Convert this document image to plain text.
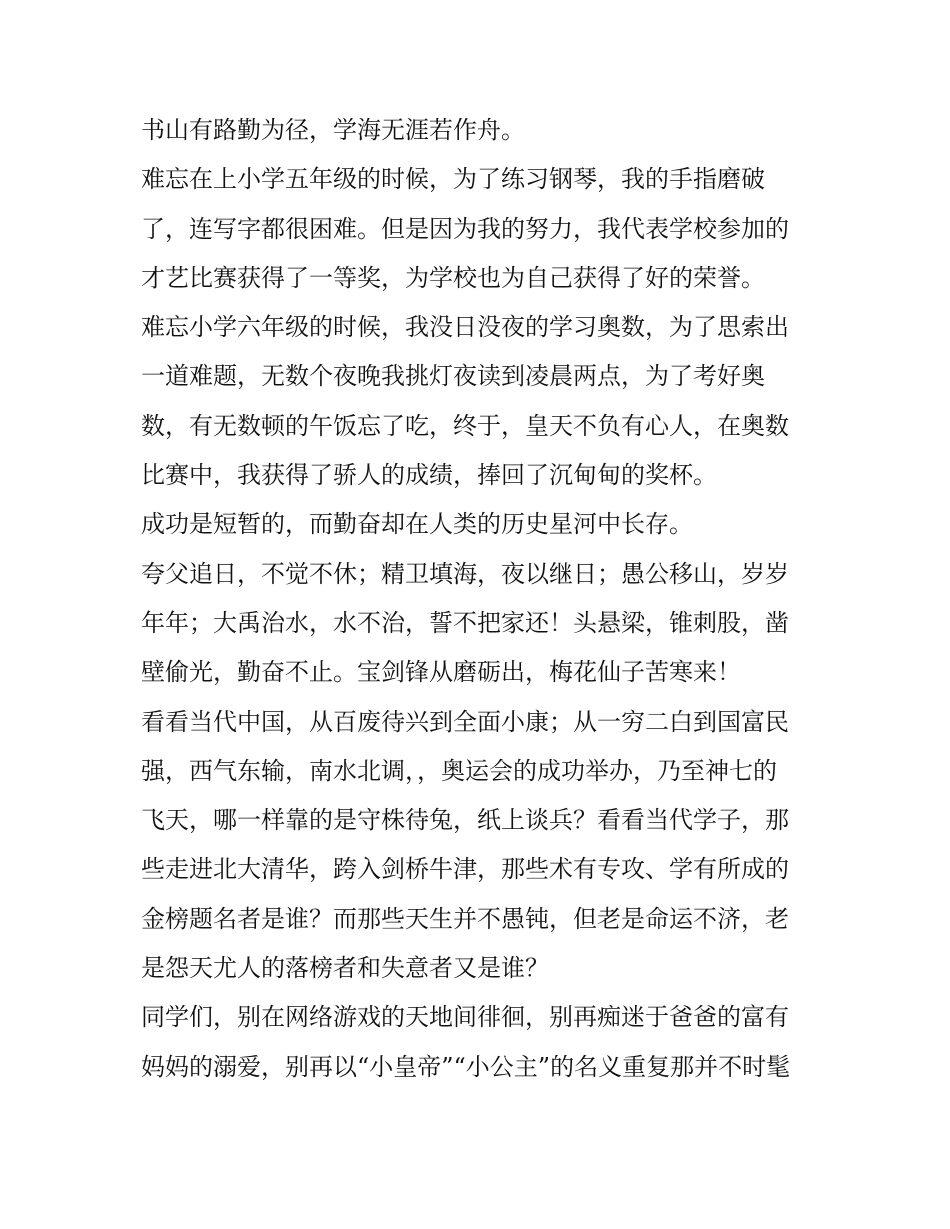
书山有路勤为径，学海无涯若作舟。
难忘在上小学五年级的时候，为了练习钢琴，我的手指磨破
了，连写字都很困难。但是因为我的努力，我代表学校参加的
才艺比赛获得了一等奖，为学校也为自己获得了好的荣誉。
难忘小学六年级的时候，我没日没夜的学习奥数，为了思索出
一道难题，无数个夜晚我挑灯夜读到凌晨两点，为了考好奥
数，有无数顿的午饭忘了吃，终于，皇天不负有心人，在奥数
比赛中，我获得了骄人的成绩，捧回了沉甸甸的奖杯。
成功是短暂的，而勤奋却在人类的历史星河中长存。
夸父追日，不觉不休；精卫填海，夜以继日；愚公移山，岁岁
年年；大禹治水，水不治，誓不把家还！头悬梁，锥刺股，凿
壁偷光，勤奋不止。宝剑锋从磨砺出，梅花仙子苦寒来！
看看当代中国，从百废待兴到全面小康；从一穷二白到国富民
强，西气东输，南水北调，，奥运会的成功举办，乃至神七的
飞天，哪一样靠的是守株待兔，纸上谈兵？看看当代学子，那
些走进北大清华，跨入剑桥牛津，那些术有专攻、学有所成的
金榜题名者是谁？而那些天生并不愚钝，但老是命运不济，老
是怨天尤人的落榜者和失意者又是谁？
同学们，别在网络游戏的天地间徘徊，别再痴迷于爸爸的富有
妈妈的溺爱，别再以“小皇帝”“小公主”的名义重复那并不时髦
